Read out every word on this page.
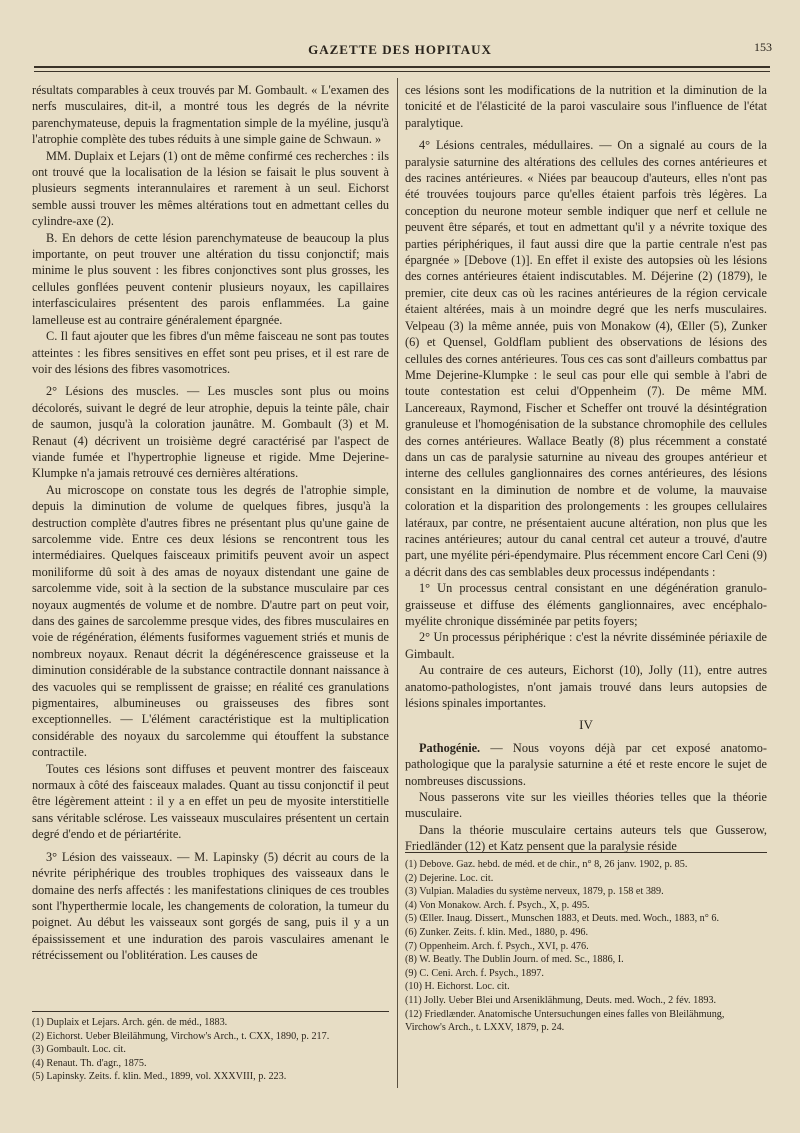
GAZETTE DES HOPITAUX	153

résultats comparables à ceux trouvés par M. Gombault. « L'examen des nerfs musculaires, dit-il, a montré tous les degrés de la névrite parenchymateuse, depuis la fragmentation simple de la myéline, jusqu'à l'atrophie complète des tubes réduits à une simple gaine de Schwaun. »

MM. Duplaix et Lejars (1) ont de même confirmé ces recherches : ils ont trouvé que la localisation de la lésion se faisait le plus souvent à plusieurs segments interannulaires et rarement à un seul. Eichorst semble aussi trouver les mêmes altérations tout en admettant celles du cylindre-axe (2).

B. En dehors de cette lésion parenchymateuse de beaucoup la plus importante, on peut trouver une altération du tissu conjonctif; mais minime le plus souvent : les fibres conjonctives sont plus grosses, les cellules gonflées peuvent contenir plusieurs noyaux, les capillaires interfasciculaires présentent des parois enflammées. La gaine lamelleuse est au contraire généralement épargnée.

C. Il faut ajouter que les fibres d'un même faisceau ne sont pas toutes atteintes : les fibres sensitives en effet sont peu prises, et il est rare de voir des lésions des fibres vasomotrices.

2° Lésions des muscles. — Les muscles sont plus ou moins décolorés, suivant le degré de leur atrophie, depuis la teinte pâle, chair de saumon, jusqu'à la coloration jaunâtre. M. Gombault (3) et M. Renaut (4) décrivent un troisième degré caractérisé par l'aspect de viande fumée et l'hypertrophie ligneuse et rigide. Mme Dejerine-Klumpke n'a jamais retrouvé ces dernières altérations.

Au microscope on constate tous les degrés de l'atrophie simple, depuis la diminution de volume de quelques fibres, jusqu'à la destruction complète d'autres fibres ne présentant plus qu'une gaine de sarcolemme vide. Entre ces deux lésions se rencontrent tous les intermédiaires. Quelques faisceaux primitifs peuvent avoir un aspect moniliforme dû soit à des amas de noyaux distendant une gaine de sarcolemme vide, soit à la section de la substance musculaire par ces noyaux augmentés de volume et de nombre. D'autre part on peut voir, dans des gaines de sarcolemme presque vides, des fibres musculaires en voie de régénération, éléments fusiformes vaguement striés et munis de nombreux noyaux. Renaut décrit la dégénérescence graisseuse et la diminution considérable de la substance contractile donnant naissance à des vacuoles qui se remplissent de graisse; en réalité ces granulations pigmentaires, albumineuses ou graisseuses des fibres sont exceptionnelles. — L'élément caractéristique est la multiplication considérable des noyaux du sarcolemme qui étouffent la substance contractile.

Toutes ces lésions sont diffuses et peuvent montrer des faisceaux normaux à côté des faisceaux malades. Quant au tissu conjonctif il peut être légèrement atteint : il y a en effet un peu de myosite interstitielle sans véritable sclérose. Les vaisseaux musculaires présentent un certain degré d'endo et de périartérite.

3° Lésion des vaisseaux. — M. Lapinsky (5) décrit au cours de la névrite périphérique des troubles trophiques des vaisseaux dans le domaine des nerfs affectés : les manifestations cliniques de ces troubles sont l'hyperthermie locale, les changements de coloration, la tumeur du poignet. Au début les vaisseaux sont gorgés de sang, puis il y a un épaississement et une induration des parois vasculaires amenant le rétrécissement ou l'oblitération. Les causes de

(1) Duplaix et Lejars. Arch. gén. de méd., 1883.
(2) Eichorst. Ueber Bleilähmung, Virchow's Arch., t. CXX, 1890, p. 217.
(3) Gombault. Loc. cit.
(4) Renaut. Th. d'agr., 1875.
(5) Lapinsky. Zeits. f. klin. Med., 1899, vol. XXXVIII, p. 223.

ces lésions sont les modifications de la nutrition et la diminution de la tonicité et de l'élasticité de la paroi vasculaire sous l'influence de l'état paralytique.

4° Lésions centrales, médullaires. — On a signalé au cours de la paralysie saturnine des altérations des cellules des cornes antérieures et des racines antérieures. « Niées par beaucoup d'auteurs, elles n'ont pas été trouvées toujours parce qu'elles étaient parfois très légères. La conception du neurone moteur semble indiquer que nerf et cellule ne peuvent être séparés, et tout en admettant qu'il y a névrite toxique des parties périphériques, il faut aussi dire que la partie centrale n'est pas épargnée » [Debove (1)]. En effet il existe des autopsies où les lésions des cornes antérieures étaient indiscutables. M. Déjerine (2) (1879), le premier, cite deux cas où les racines antérieures de la région cervicale étaient altérées, mais à un moindre degré que les nerfs musculaires. Velpeau (3) la même année, puis von Monakow (4), Œller (5), Zunker (6) et Quensel, Goldflam publient des observations de lésions des cellules des cornes antérieures. Tous ces cas sont d'ailleurs combattus par Mme Dejerine-Klumpke : le seul cas pour elle qui semble à l'abri de toute contestation est celui d'Oppenheim (7). De même MM. Lancereaux, Raymond, Fischer et Scheffer ont trouvé la désintégration granuleuse et l'homogénisation de la substance chromophile des cellules des cornes antérieures. Wallace Beatly (8) plus récemment a constaté dans un cas de paralysie saturnine au niveau des groupes antérieur et interne des cellules ganglionnaires des cornes antérieures, des lésions consistant en la diminution de nombre et de volume, la mauvaise coloration et la disparition des prolongements : les groupes cellulaires latéraux, par contre, ne présentaient aucune altération, non plus que les racines antérieures; autour du canal central cet auteur a trouvé, d'autre part, une myélite péri-épendymaire. Plus récemment encore Carl Ceni (9) a décrit dans des cas semblables deux processus indépendants :

1° Un processus central consistant en une dégénération granulo-graisseuse et diffuse des éléments ganglionnaires, avec encéphalo-myélite chronique disséminée par petits foyers;

2° Un processus périphérique : c'est la névrite disséminée périaxile de Gimbault.

Au contraire de ces auteurs, Eichorst (10), Jolly (11), entre autres anatomo-pathologistes, n'ont jamais trouvé dans leurs autopsies de lésions spinales importantes.

IV

Pathogénie. — Nous voyons déjà par cet exposé anatomo-pathologique que la paralysie saturnine a été et reste encore le sujet de nombreuses discussions.

Nous passerons vite sur les vieilles théories telles que la théorie musculaire.

Dans la théorie musculaire certains auteurs tels que Gusserow, Friedländer (12) et Katz pensent que la paralysie réside

(1) Debove. Gaz. hebd. de méd. et de chir., n° 8, 26 janv. 1902, p. 85.
(2) Dejerine. Loc. cit.
(3) Vulpian. Maladies du système nerveux, 1879, p. 158 et 389.
(4) Von Monakow. Arch. f. Psych., X, p. 495.
(5) Œller. Inaug. Dissert., Munschen 1883, et Deuts. med. Woch., 1883, n° 6.
(6) Zunker. Zeits. f. klin. Med., 1880, p. 496.
(7) Oppenheim. Arch. f. Psych., XVI, p. 476.
(8) W. Beatly. The Dublin Journ. of med. Sc., 1886, I.
(9) C. Ceni. Arch. f. Psych., 1897.
(10) H. Eichorst. Loc. cit.
(11) Jolly. Ueber Blei und Arseniklähmung, Deuts. med. Woch., 2 fév. 1893.
(12) Friedlænder. Anatomische Untersuchungen eines falles von Bleilähmung, Virchow's Arch., t. LXXV, 1879, p. 24.
